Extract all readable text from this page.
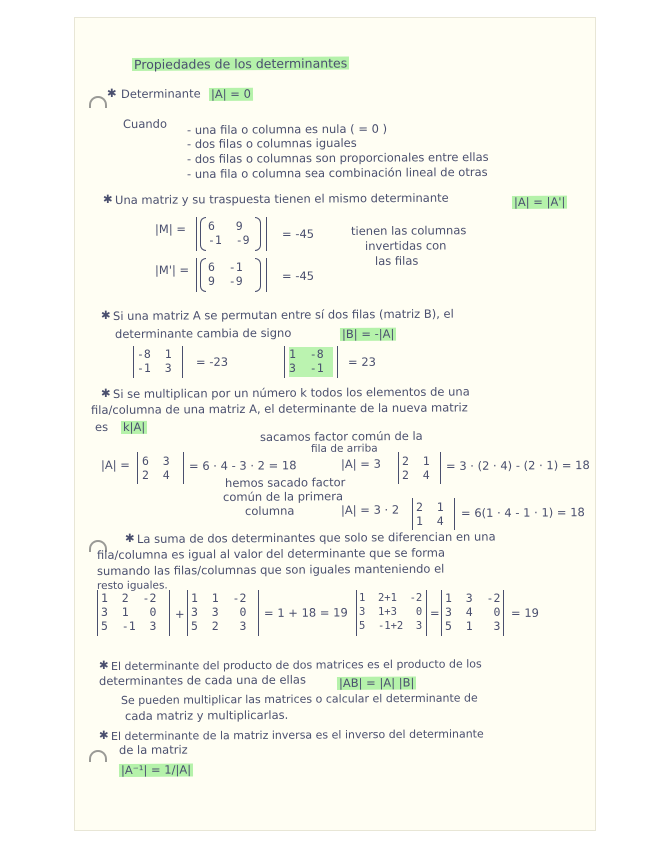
Propiedades de los determinantes
✱ Determinante |A| = 0
Cuando - una fila o columna es nula ( = 0 )
- dos filas o columnas iguales
- dos filas o columnas son proporcionales entre ellas
- una fila o columna sea combinación lineal de otras
✱ Una matriz y su traspuesta tienen el mismo determinante	|A| = |A'|
|M| = 6   9
-1  -9	= -45	tienen las columnas
invertidas con
las filas
|M'| = 6  -1
9  -9	= -45
✱ Si una matriz A se permutan entre sí dos filas (matriz B), el
determinante cambia de signo	|B| = -|A|
-8  1
-1  3 = -23
1  -8
3  -1 = 23
✱ Si se multiplican por un número k todos los elementos de una
fila/columna de una matriz A, el determinante de la nueva matriz
es k|A|
sacamos factor común de la
fila de arriba
|A| = 6  3
2  4
= 6 · 4 - 3 · 2 = 18	|A| = 3 2  1
2  4
= 3 · (2 · 4) - (2 · 1) = 18
hemos sacado factor
común de la primera
columna	|A| = 3 · 2 2  1
1  4
= 6(1 · 4 - 1 · 1) = 18
✱ La suma de dos determinantes que solo se diferencian en una
fila/columna es igual al valor del determinante que se forma
sumando las filas/columnas que son iguales manteniendo el
resto iguales.
1  2  -2
3  1   0
5  -1  3
+
1  1  -2
3  3   0
5  2   3
= 1 + 18 = 19
1  2+1  -2
3  1+3   0
5  -1+2  3
=
1  3  -2
3  4   0
5  1   3
= 19
✱ El determinante del producto de dos matrices es el producto de los
determinantes de cada una de ellas	|AB| = |A| |B|
Se pueden multiplicar las matrices o calcular el determinante de
cada matriz y multiplicarlas.
✱ El determinante de la matriz inversa es el inverso del determinante
de la matriz
|A⁻¹| = 1/|A|
